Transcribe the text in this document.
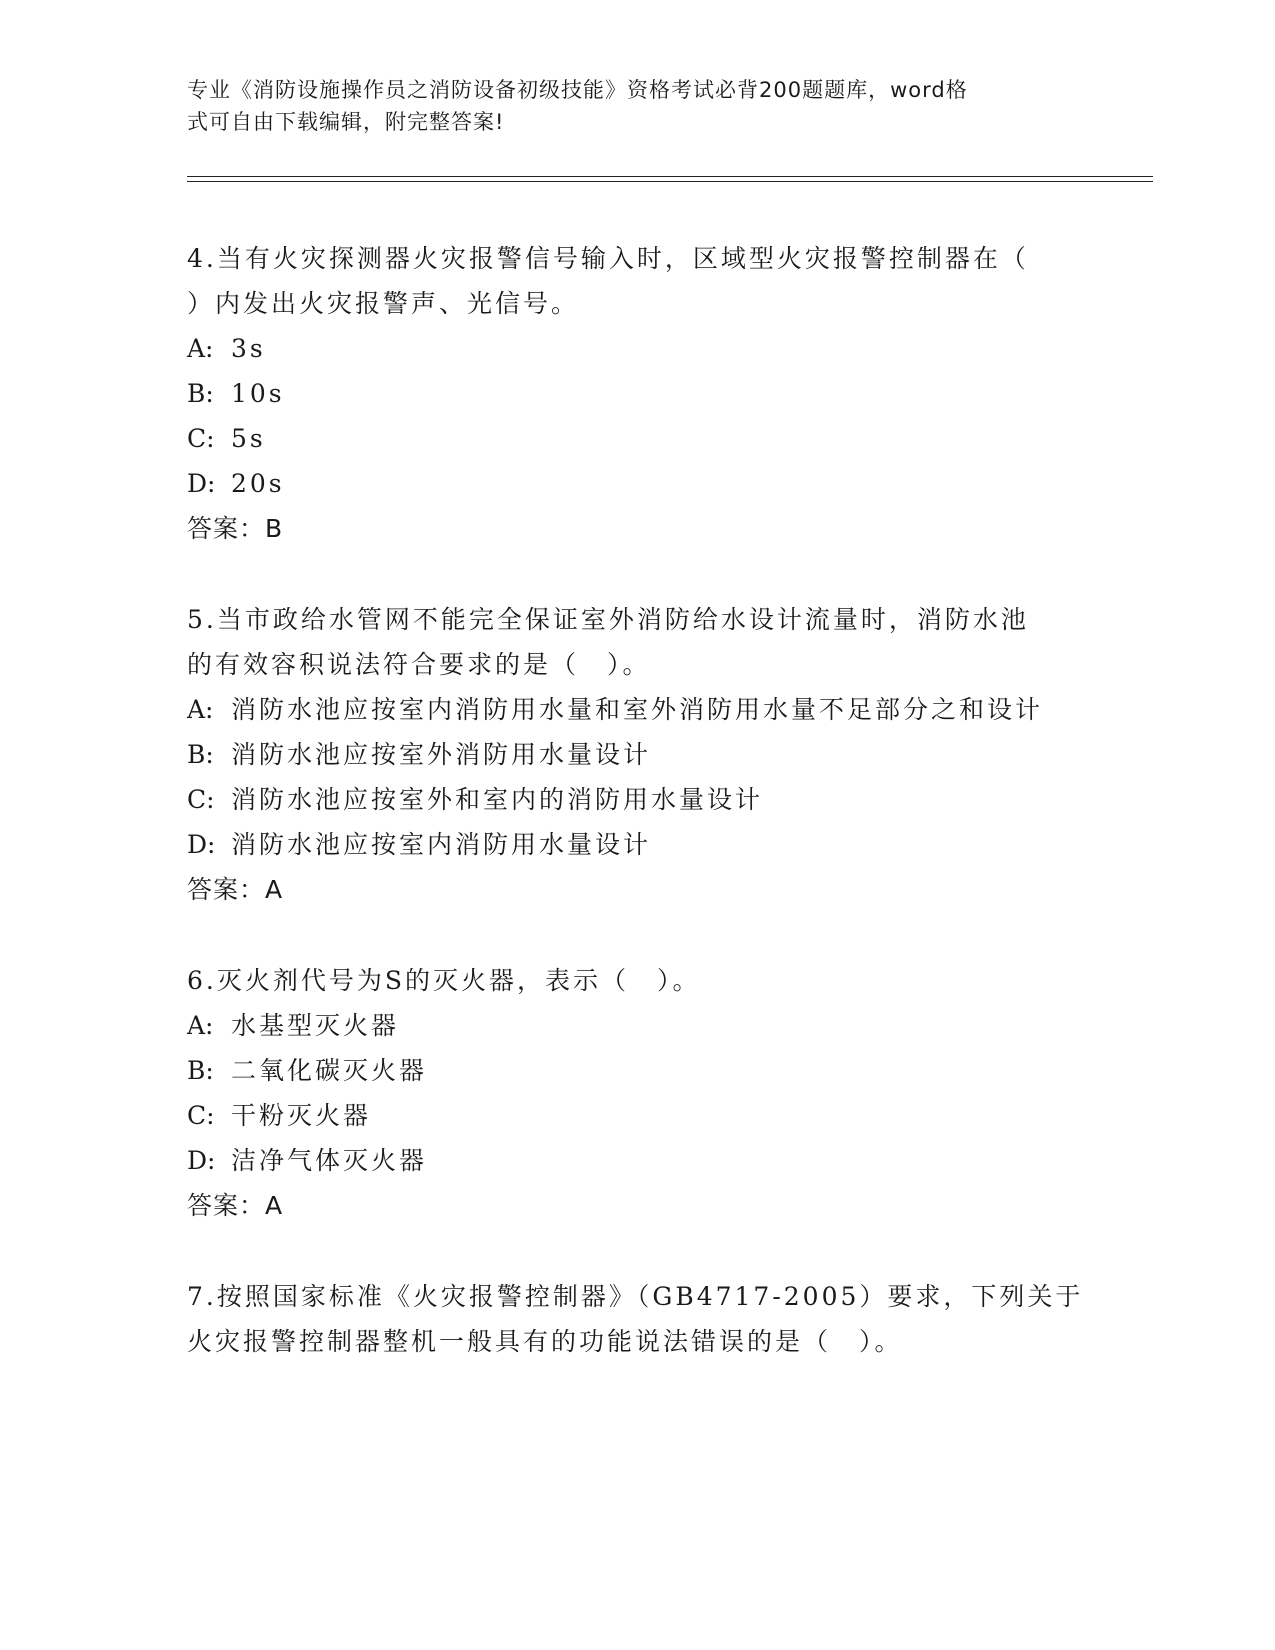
专业《消防设施操作员之消防设备初级技能》资格考试必背200题题库，word格
式可自由下载编辑，附完整答案!

4.当有火灾探测器火灾报警信号输入时，区域型火灾报警控制器在（

）内发出火灾报警声、光信号。

A: 3s

B: 10s

C: 5s

D: 20s

答案：B

5.当市政给水管网不能完全保证室外消防给水设计流量时，消防水池

的有效容积说法符合要求的是（　）。

A: 消防水池应按室内消防用水量和室外消防用水量不足部分之和设计

B: 消防水池应按室外消防用水量设计

C: 消防水池应按室外和室内的消防用水量设计

D: 消防水池应按室内消防用水量设计

答案：A

6.灭火剂代号为S的灭火器，表示（　）。

A: 水基型灭火器

B: 二氧化碳灭火器

C: 干粉灭火器

D: 洁净气体灭火器

答案：A

7.按照国家标准《火灾报警控制器》（GB4717-2005）要求，下列关于

火灾报警控制器整机一般具有的功能说法错误的是（　）。
